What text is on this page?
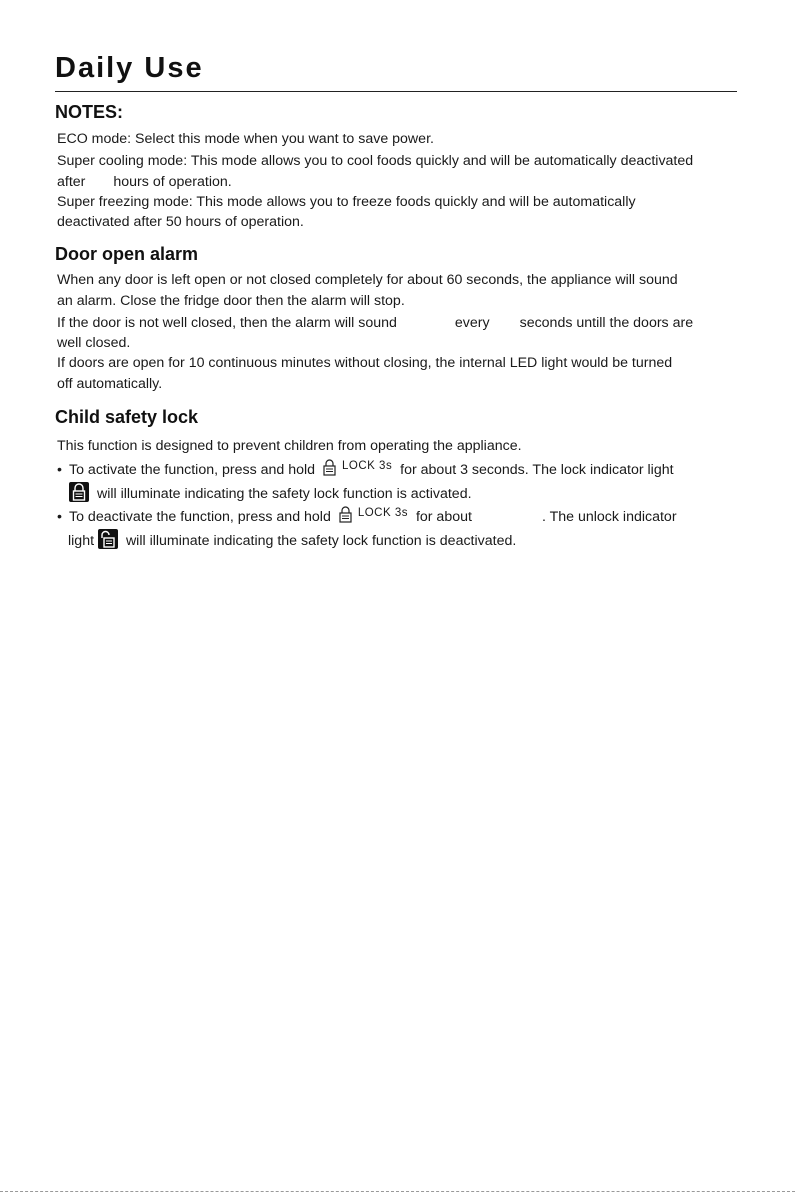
Daily Use
NOTES:
ECO mode: Select this mode when you want to save power.
Super cooling mode: This mode allows you to cool foods quickly and will be automatically deactivated
after hours of operation.
Super freezing mode: This mode allows you to freeze foods quickly and will be automatically
deactivated after 50 hours of operation.
Door open alarm
When any door is left open or not closed completely for about 60 seconds, the appliance will sound
an alarm. Close the fridge door then the alarm will stop.
If the door is not well closed, then the alarm will sound	every seconds untill the doors are
well closed.
If doors are open for 10 continuous minutes without closing, the internal LED light would be turned
off automatically.
Child safety lock
This function is designed to prevent children from operating the appliance.
• To activate the function, press and hold LOCK 3s for about 3 seconds. The lock indicator light
will illuminate indicating the safety lock function is activated.
• To deactivate the function, press and hold LOCK 3s for about	. The unlock indicator
light will illuminate indicating the safety lock function is deactivated.
